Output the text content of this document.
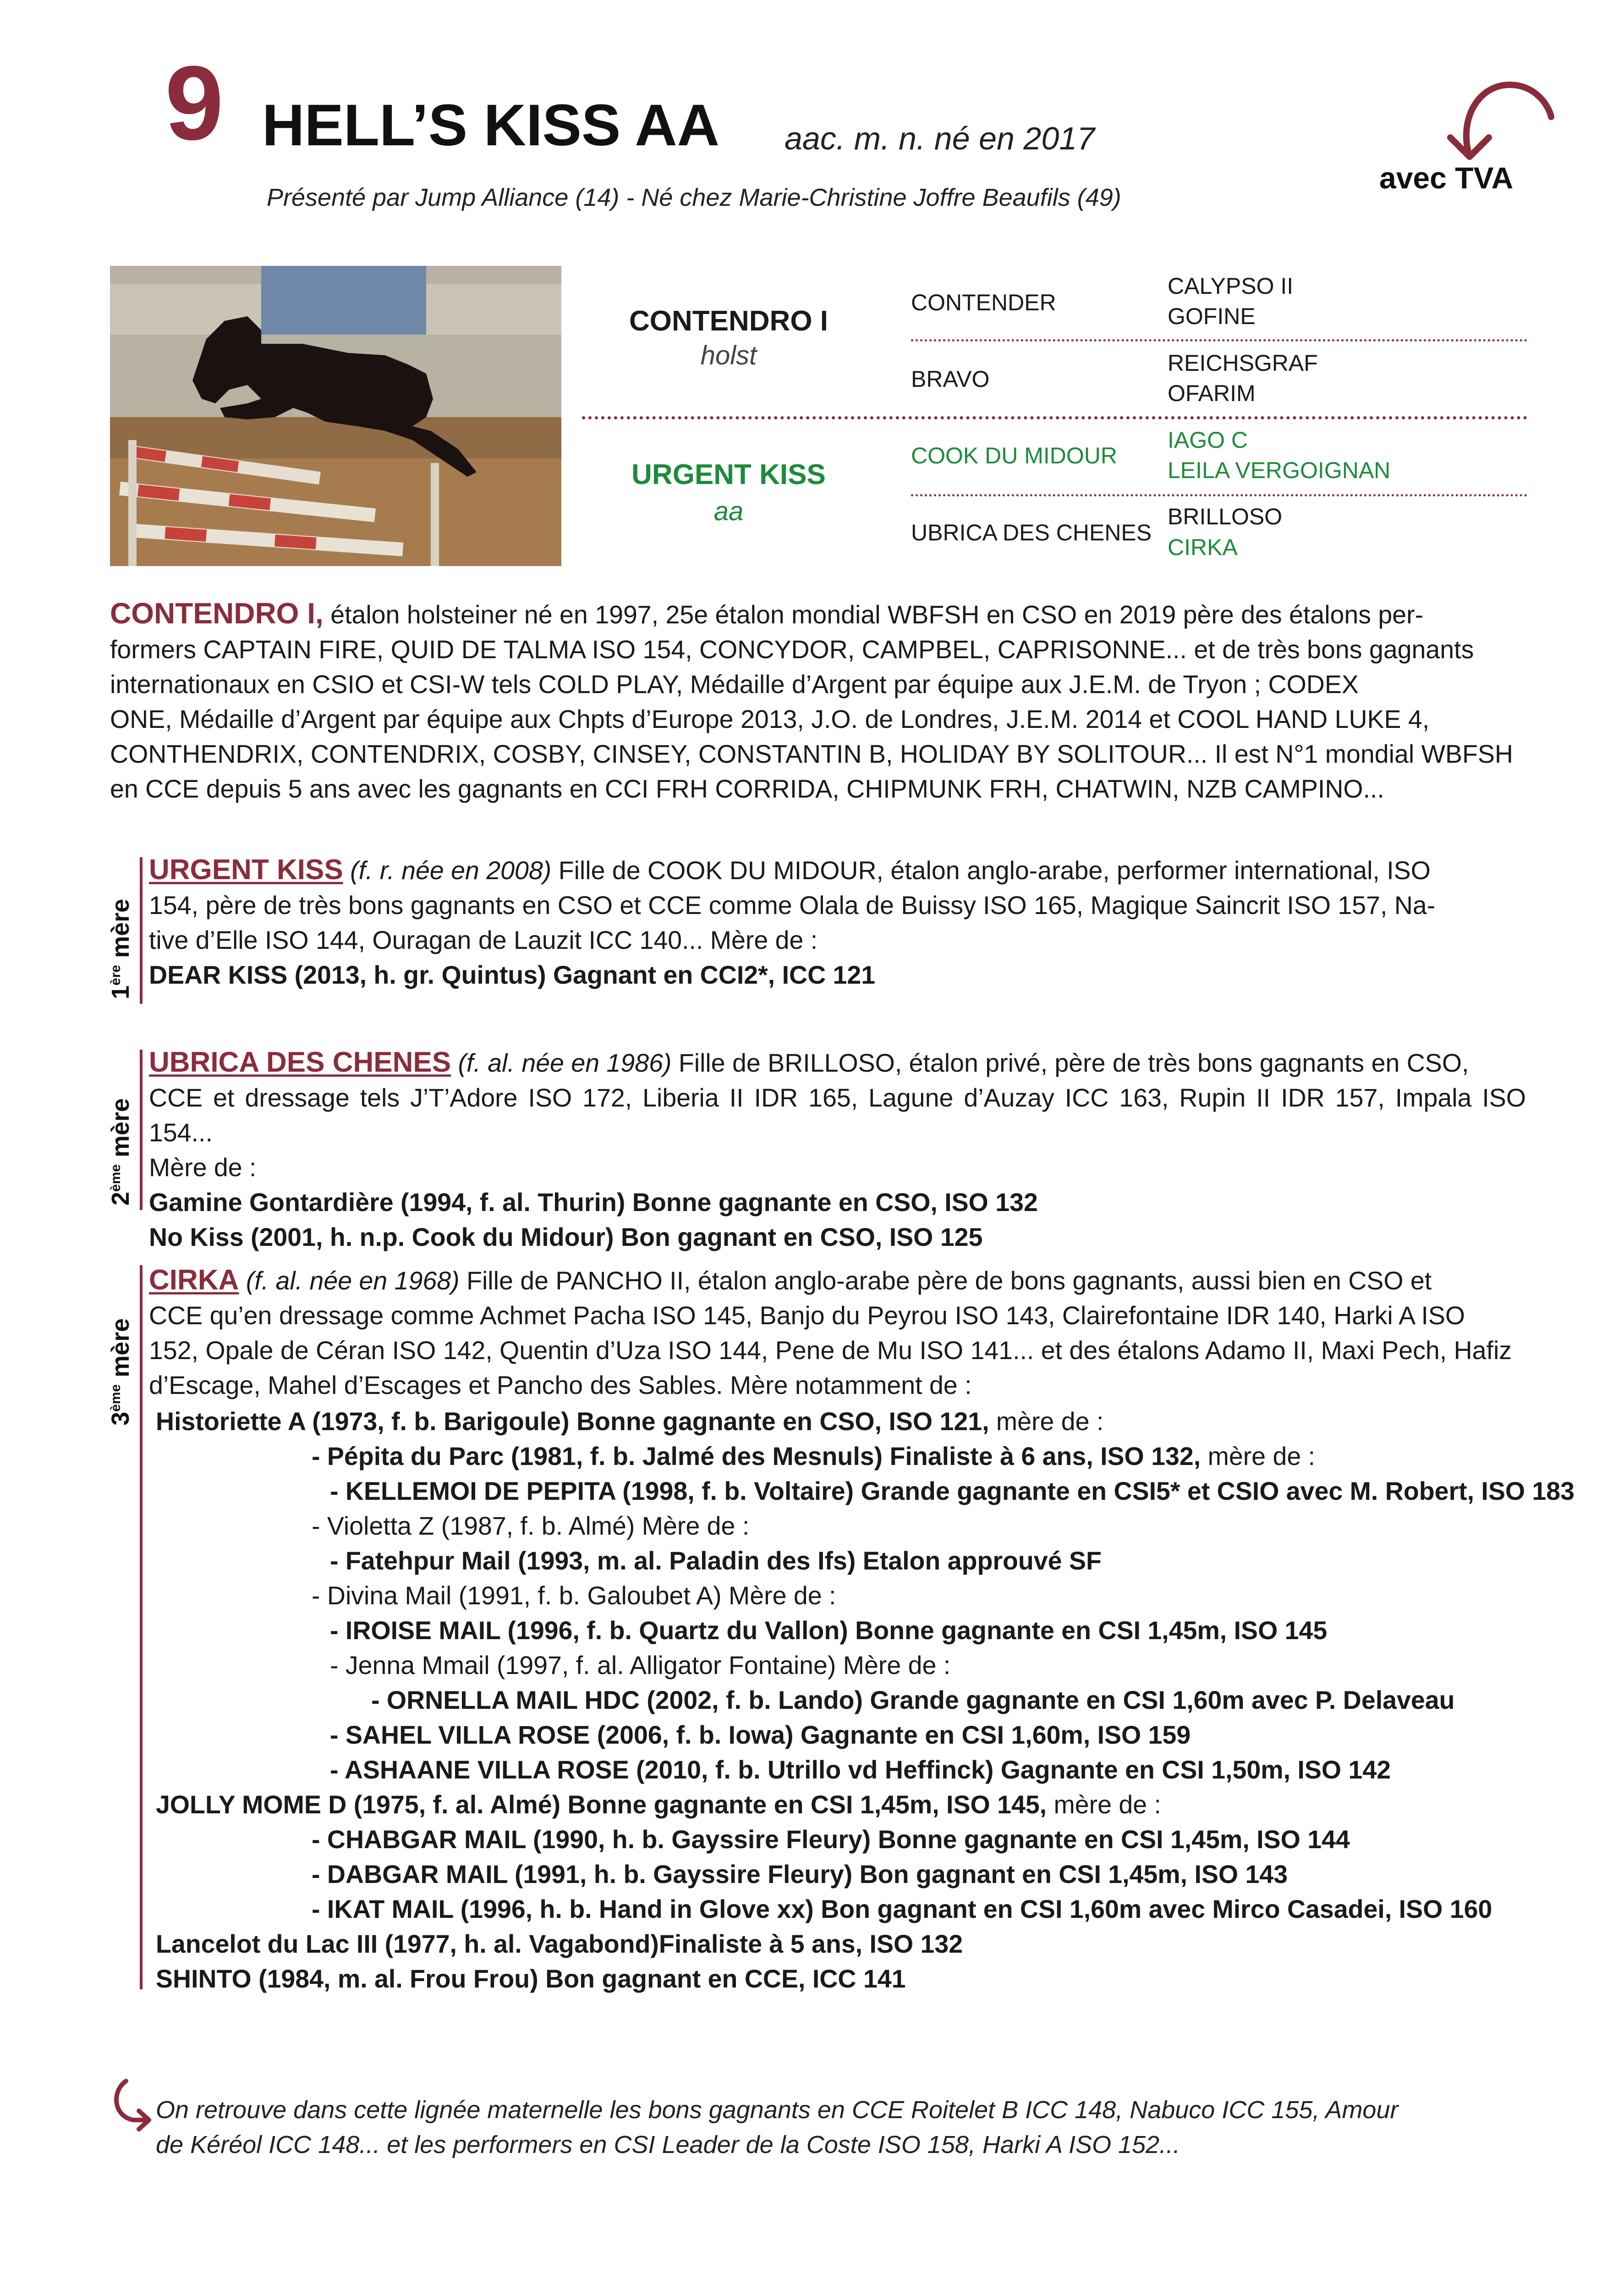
9 HELL’S KISS AA aac. m. n. né en 2017
Présenté par Jump Alliance (14) - Né chez Marie-Christine Joffre Beaufils (49)
avec TVA
CONTENDRO I
holst
URGENT KISS
aa
CONTENDER
BRAVO
COOK DU MIDOUR
UBRICA DES CHENES
CALYPSO II
GOFINE
REICHSGRAF
OFARIM
IAGO C
LEILA VERGOIGNAN
BRILLOSO
CIRKA
CONTENDRO I, étalon holsteiner né en 1997, 25e étalon mondial WBFSH en CSO en 2019 père des étalons per-
formers CAPTAIN FIRE, QUID DE TALMA ISO 154, CONCYDOR, CAMPBEL, CAPRISONNE... et de très bons gagnants
internationaux en CSIO et CSI-W tels COLD PLAY, Médaille d’Argent par équipe aux J.E.M. de Tryon ; CODEX
ONE, Médaille d’Argent par équipe aux Chpts d’Europe 2013, J.O. de Londres, J.E.M. 2014 et COOL HAND LUKE 4,
CONTHENDRIX, CONTENDRIX, COSBY, CINSEY, CONSTANTIN B, HOLIDAY BY SOLITOUR... Il est N°1 mondial WBFSH
en CCE depuis 5 ans avec les gagnants en CCI FRH CORRIDA, CHIPMUNK FRH, CHATWIN, NZB CAMPINO...
1ère mère
URGENT KISS (f. r. née en 2008) Fille de COOK DU MIDOUR, étalon anglo-arabe, performer international, ISO
154, père de très bons gagnants en CSO et CCE comme Olala de Buissy ISO 165, Magique Saincrit ISO 157, Na-
tive d’Elle ISO 144, Ouragan de Lauzit ICC 140... Mère de :
DEAR KISS (2013, h. gr. Quintus) Gagnant en CCI2*, ICC 121
2ème mère
UBRICA DES CHENES (f. al. née en 1986) Fille de BRILLOSO, étalon privé, père de très bons gagnants en CSO,
CCE et dressage tels J’T’Adore ISO 172, Liberia II IDR 165, Lagune d’Auzay ICC 163, Rupin II IDR 157, Impala ISO 154...
Mère de :
Gamine Gontardière (1994, f. al. Thurin) Bonne gagnante en CSO, ISO 132
No Kiss (2001, h. n.p. Cook du Midour) Bon gagnant en CSO, ISO 125
3ème mère
CIRKA (f. al. née en 1968) Fille de PANCHO II, étalon anglo-arabe père de bons gagnants, aussi bien en CSO et
CCE qu’en dressage comme Achmet Pacha ISO 145, Banjo du Peyrou ISO 143, Clairefontaine IDR 140, Harki A ISO
152, Opale de Céran ISO 142, Quentin d’Uza ISO 144, Pene de Mu ISO 141... et des étalons Adamo II, Maxi Pech, Hafiz
d’Escage, Mahel d’Escages et Pancho des Sables. Mère notamment de :
Historiette A (1973, f. b. Barigoule) Bonne gagnante en CSO, ISO 121, mère de :
- Pépita du Parc (1981, f. b. Jalmé des Mesnuls) Finaliste à 6 ans, ISO 132, mère de :
- KELLEMOI DE PEPITA (1998, f. b. Voltaire) Grande gagnante en CSI5* et CSIO avec M. Robert, ISO 183
- Violetta Z (1987, f. b. Almé) Mère de :
- Fatehpur Mail (1993, m. al. Paladin des Ifs) Etalon approuvé SF
- Divina Mail (1991, f. b. Galoubet A) Mère de :
- IROISE MAIL (1996, f. b. Quartz du Vallon) Bonne gagnante en CSI 1,45m, ISO 145
- Jenna Mmail (1997, f. al. Alligator Fontaine) Mère de :
- ORNELLA MAIL HDC (2002, f. b. Lando) Grande gagnante en CSI 1,60m avec P. Delaveau
- SAHEL VILLA ROSE (2006, f. b. Iowa) Gagnante en CSI 1,60m, ISO 159
- ASHAANE VILLA ROSE (2010, f. b. Utrillo vd Heffinck) Gagnante en CSI 1,50m, ISO 142
JOLLY MOME D (1975, f. al. Almé) Bonne gagnante en CSI 1,45m, ISO 145, mère de :
- CHABGAR MAIL (1990, h. b. Gayssire Fleury) Bonne gagnante en CSI 1,45m, ISO 144
- DABGAR MAIL (1991, h. b. Gayssire Fleury) Bon gagnant en CSI 1,45m, ISO 143
- IKAT MAIL (1996, h. b. Hand in Glove xx) Bon gagnant en CSI 1,60m avec Mirco Casadei, ISO 160
Lancelot du Lac III (1977, h. al. Vagabond)Finaliste à 5 ans, ISO 132
SHINTO (1984, m. al. Frou Frou) Bon gagnant en CCE, ICC 141
On retrouve dans cette lignée maternelle les bons gagnants en CCE Roitelet B ICC 148, Nabuco ICC 155, Amour
de Kéréol ICC 148... et les performers en CSI Leader de la Coste ISO 158, Harki A ISO 152...
